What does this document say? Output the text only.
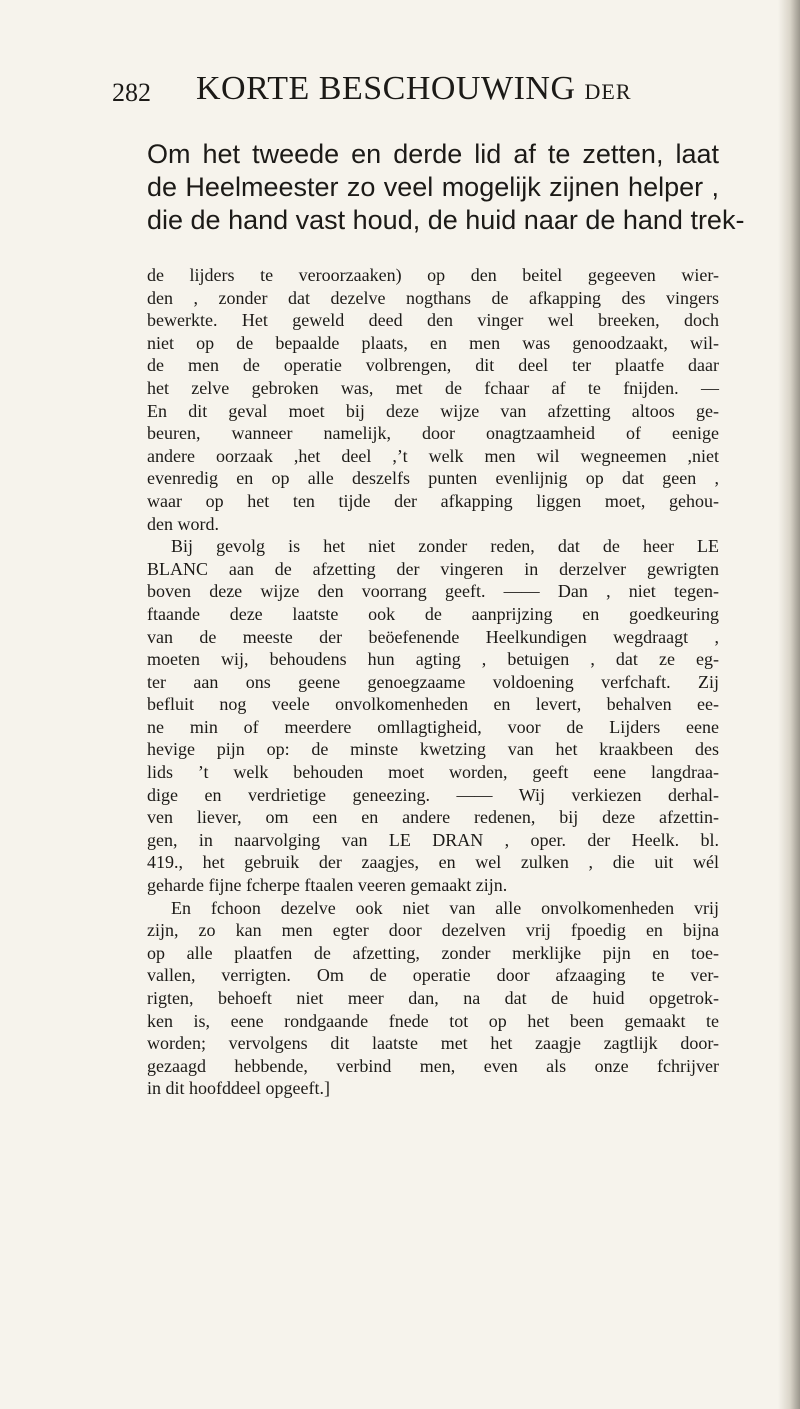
282 KORTE BESCHOUWING DER

Om het tweede en derde lid af te zetten, laat
de Heelmeester zo veel mogelijk zijnen helper ,
die de hand vast houd, de huid naar de hand trek-

de lijders te veroorzaaken) op den beitel gegeeven wier-
den , zonder dat dezelve nogthans de afkapping des vingers
bewerkte. Het geweld deed den vinger wel breeken, doch
niet op de bepaalde plaats, en men was genoodzaakt, wil-
de men de operatie volbrengen, dit deel ter plaatfe daar
het zelve gebroken was, met de fchaar af te fnijden. —
En dit geval moet bij deze wijze van afzetting altoos ge-
beuren, wanneer namelijk, door onagtzaamheid of eenige
andere oorzaak ,het deel ,’t welk men wil wegneemen ,niet
evenredig en op alle deszelfs punten evenlijnig op dat geen ,
waar op het ten tijde der afkapping liggen moet, gehou-
den word.
Bij gevolg is het niet zonder reden, dat de heer LE
BLANC aan de afzetting der vingeren in derzelver gewrigten
boven deze wijze den voorrang geeft. —— Dan , niet tegen-
ftaande deze laatste ook de aanprijzing en goedkeuring
van de meeste der beöefenende Heelkundigen wegdraagt ,
moeten wij, behoudens hun agting , betuigen , dat ze eg-
ter aan ons geene genoegzaame voldoening verfchaft. Zij
befluit nog veele onvolkomenheden en levert, behalven ee-
ne min of meerdere omllagtigheid, voor de Lijders eene
hevige pijn op: de minste kwetzing van het kraakbeen des
lids ’t welk behouden moet worden, geeft eene langdraa-
dige en verdrietige geneezing. —— Wij verkiezen derhal-
ven liever, om een en andere redenen, bij deze afzettin-
gen, in naarvolging van LE DRAN , oper. der Heelk. bl.
419., het gebruik der zaagjes, en wel zulken , die uit wél
geharde fijne fcherpe ftaalen veeren gemaakt zijn.
En fchoon dezelve ook niet van alle onvolkomenheden vrij
zijn, zo kan men egter door dezelven vrij fpoedig en bijna
op alle plaatfen de afzetting, zonder merklijke pijn en toe-
vallen, verrigten. Om de operatie door afzaaging te ver-
rigten, behoeft niet meer dan, na dat de huid opgetrok-
ken is, eene rondgaande fnede tot op het been gemaakt te
worden; vervolgens dit laatste met het zaagje zagtlijk door-
gezaagd hebbende, verbind men, even als onze fchrijver
in dit hoofddeel opgeeft.]
